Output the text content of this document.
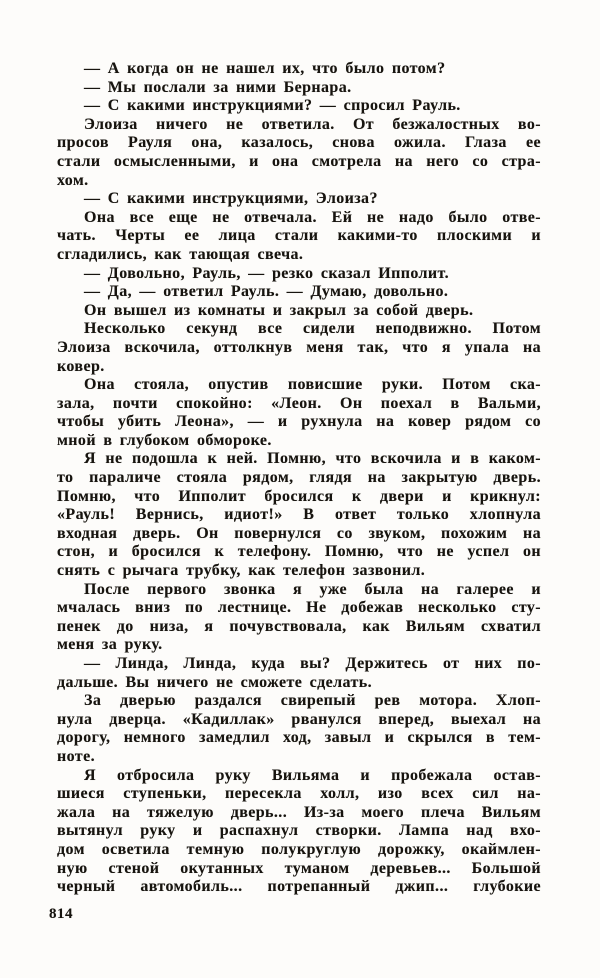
— А когда он не нашел их, что было потом?
— Мы послали за ними Бернара.
— С какими инструкциями? — спросил Рауль.
Элоиза ничего не ответила. От безжалостных во-
просов Рауля она, казалось, снова ожила. Глаза ее
стали осмысленными, и она смотрела на него со стра-
хом.
— С какими инструкциями, Элоиза?
Она все еще не отвечала. Ей не надо было отве-
чать. Черты ее лица стали какими-то плоскими и
сгладились, как тающая свеча.
— Довольно, Рауль, — резко сказал Ипполит.
— Да, — ответил Рауль. — Думаю, довольно.
Он вышел из комнаты и закрыл за собой дверь.
Несколько секунд все сидели неподвижно. Потом
Элоиза вскочила, оттолкнув меня так, что я упала на
ковер.
Она стояла, опустив повисшие руки. Потом ска-
зала, почти спокойно: «Леон. Он поехал в Вальми,
чтобы убить Леона», — и рухнула на ковер рядом со
мной в глубоком обмороке.
Я не подошла к ней. Помню, что вскочила и в каком-
то параличе стояла рядом, глядя на закрытую дверь.
Помню, что Ипполит бросился к двери и крикнул:
«Рауль! Вернись, идиот!» В ответ только хлопнула
входная дверь. Он повернулся со звуком, похожим на
стон, и бросился к телефону. Помню, что не успел он
снять с рычага трубку, как телефон зазвонил.
После первого звонка я уже была на галерее и
мчалась вниз по лестнице. Не добежав несколько сту-
пенек до низа, я почувствовала, как Вильям схватил
меня за руку.
— Линда, Линда, куда вы? Держитесь от них по-
дальше. Вы ничего не сможете сделать.
За дверью раздался свирепый рев мотора. Хлоп-
нула дверца. «Кадиллак» рванулся вперед, выехал на
дорогу, немного замедлил ход, завыл и скрылся в тем-
ноте.
Я отбросила руку Вильяма и пробежала остав-
шиеся ступеньки, пересекла холл, изо всех сил на-
жала на тяжелую дверь... Из-за моего плеча Вильям
вытянул руку и распахнул створки. Лампа над вхо-
дом осветила темную полукруглую дорожку, окаймлен-
ную стеной окутанных туманом деревьев... Большой
черный автомобиль... потрепанный джип... глубокие
814
